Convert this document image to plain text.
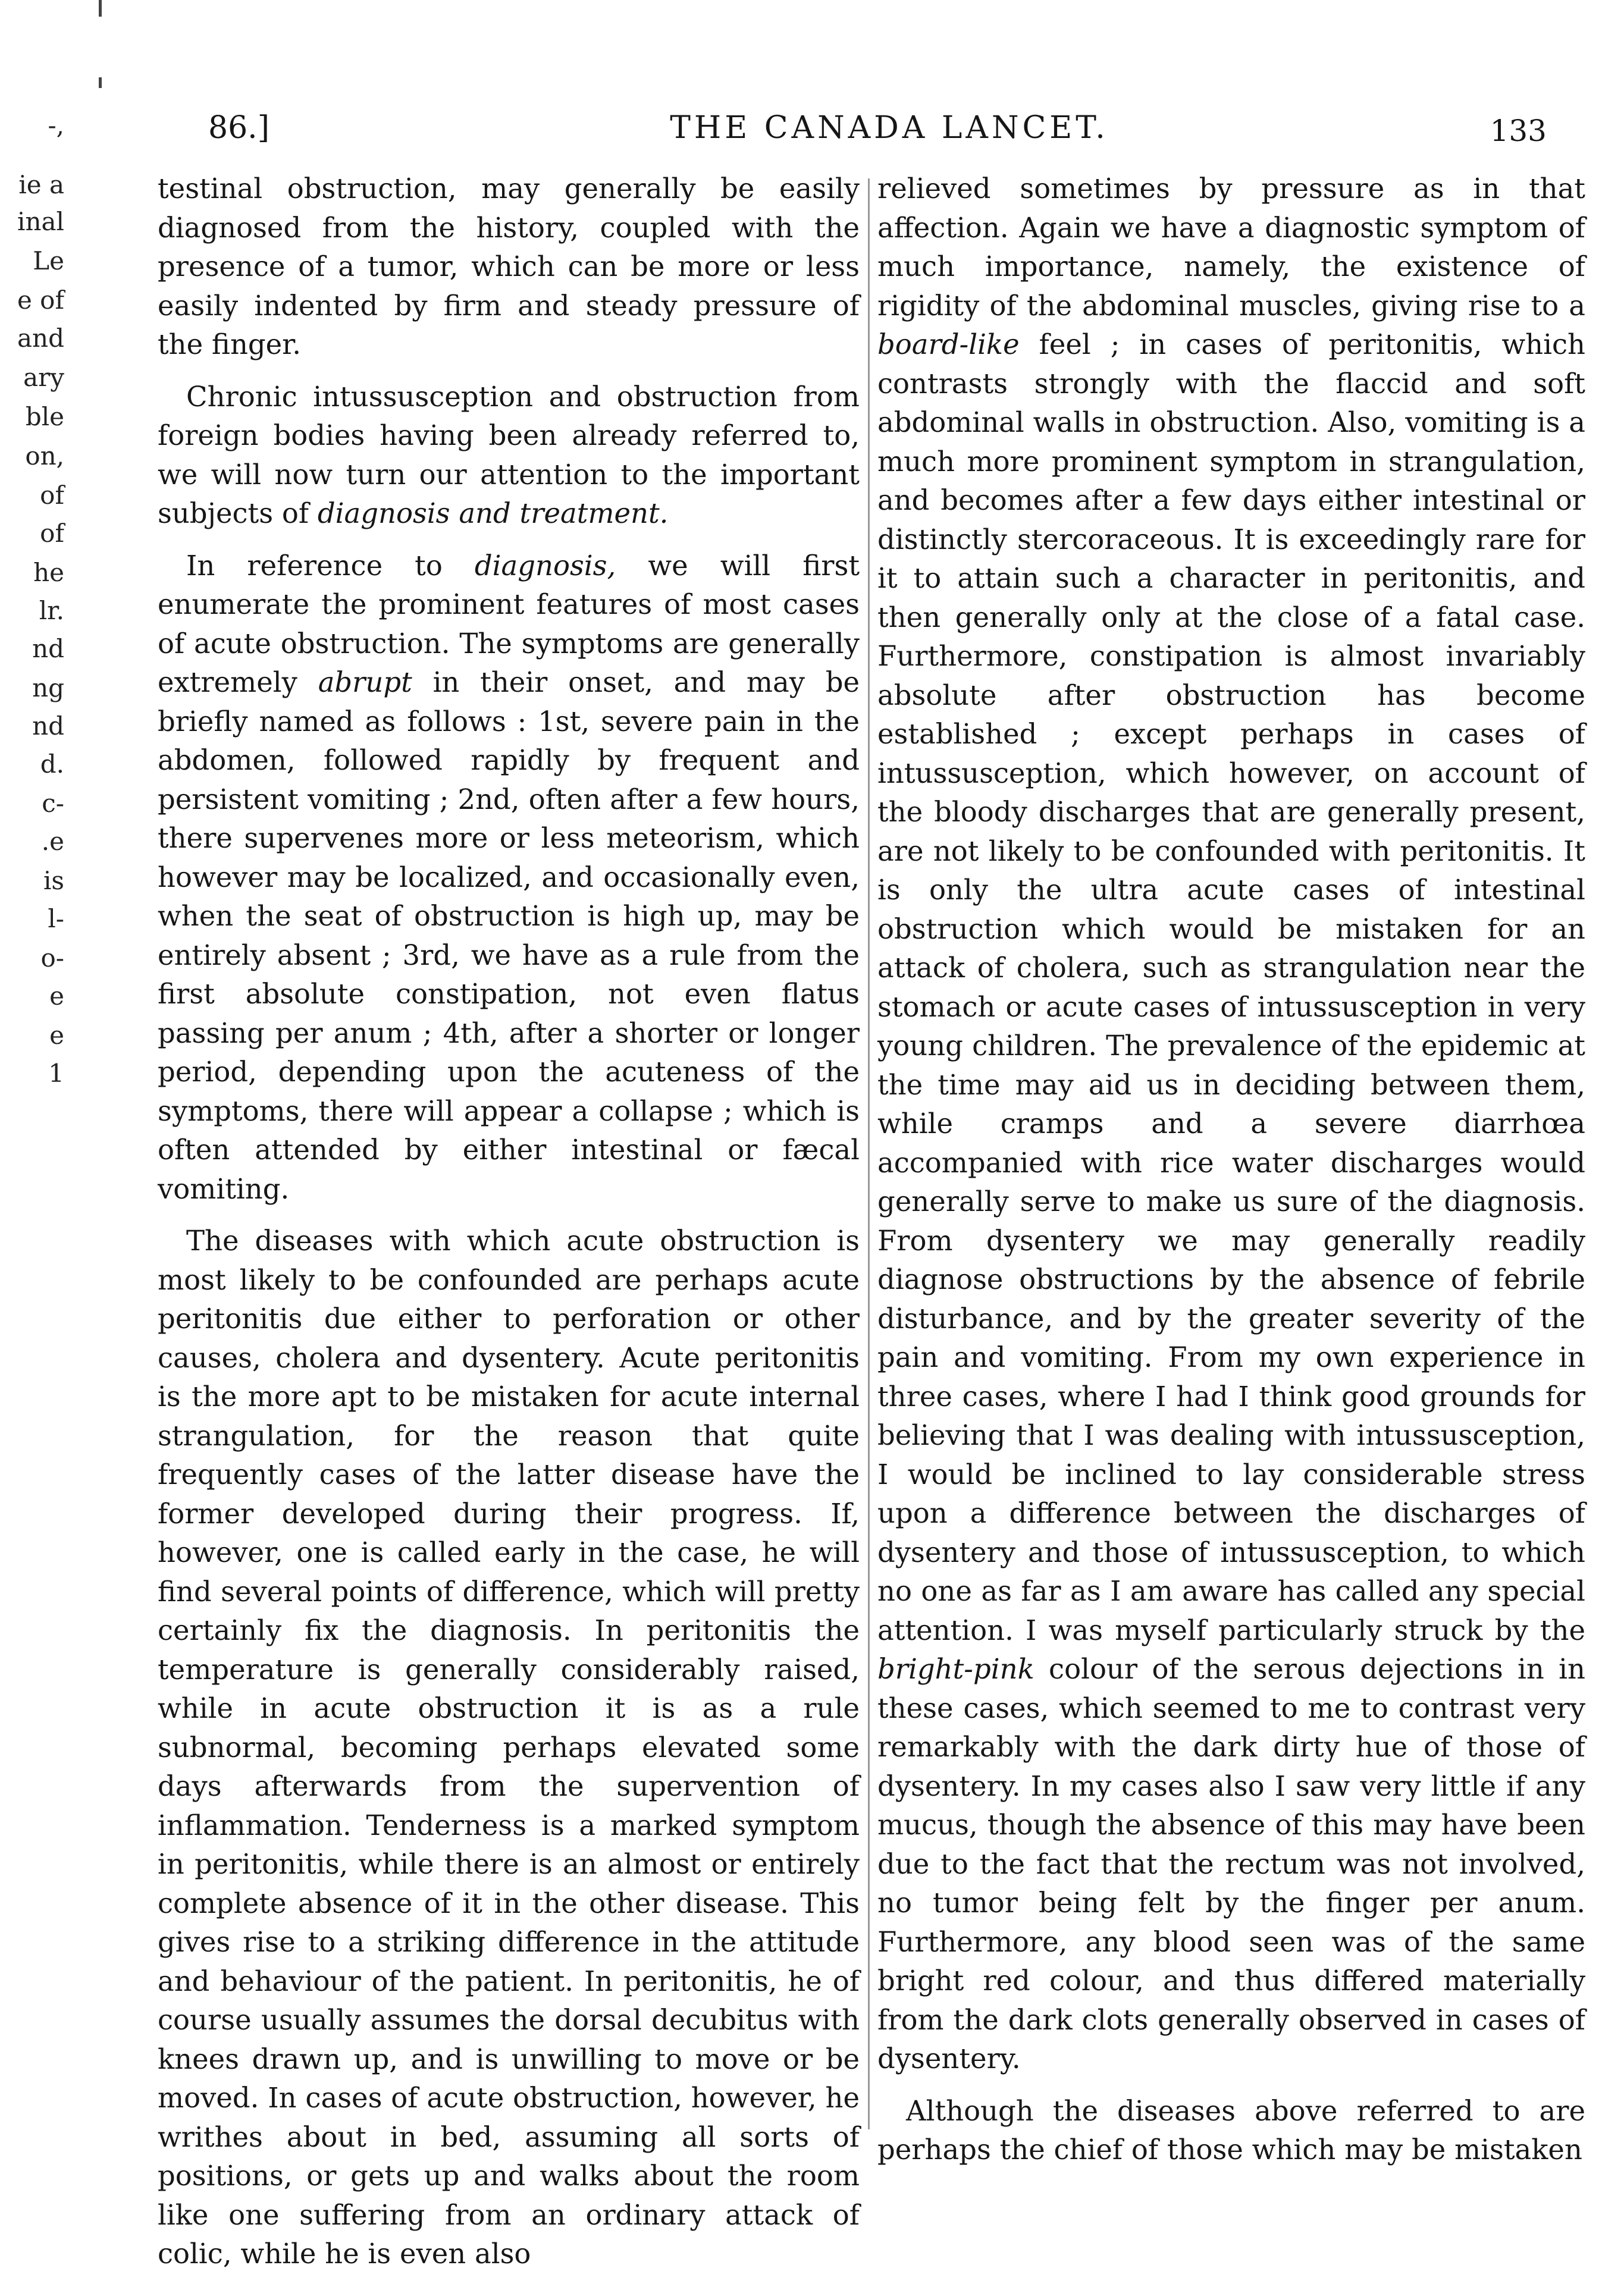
-,
ie a
inal
Le
e of
and
ary
ble
on,
of
of
he
lr.
nd
ng
nd
d.
c-
.e
is
l-
o-
e
e
1
86.]	THE CANADA LANCET.	133

testinal obstruction, may generally be easily diagnosed from the history, coupled with the presence of a tumor, which can be more or less easily indented by firm and steady pressure of the finger.

Chronic intussusception and obstruction from foreign bodies having been already referred to, we will now turn our attention to the important subjects of diagnosis and treatment.

In reference to diagnosis, we will first enumerate the prominent features of most cases of acute obstruction. The symptoms are generally extremely abrupt in their onset, and may be briefly named as follows : 1st, severe pain in the abdomen, followed rapidly by frequent and persistent vomiting ; 2nd, often after a few hours, there supervenes more or less meteorism, which however may be localized, and occasionally even, when the seat of obstruction is high up, may be entirely absent ; 3rd, we have as a rule from the first absolute constipation, not even flatus passing per anum ; 4th, after a shorter or longer period, depending upon the acuteness of the symptoms, there will appear a collapse ; which is often attended by either intestinal or fæcal vomiting.

The diseases with which acute obstruction is most likely to be confounded are perhaps acute peritonitis due either to perforation or other causes, cholera and dysentery. Acute peritonitis is the more apt to be mistaken for acute internal strangulation, for the reason that quite frequently cases of the latter disease have the former developed during their progress. If, however, one is called early in the case, he will find several points of difference, which will pretty certainly fix the diagnosis. In peritonitis the temperature is generally considerably raised, while in acute obstruction it is as a rule subnormal, becoming perhaps elevated some days afterwards from the supervention of inflammation. Tenderness is a marked symptom in peritonitis, while there is an almost or entirely complete absence of it in the other disease. This gives rise to a striking difference in the attitude and behaviour of the patient. In peritonitis, he of course usually assumes the dorsal decubitus with knees drawn up, and is unwilling to move or be moved. In cases of acute obstruction, however, he writhes about in bed, assuming all sorts of positions, or gets up and walks about the room like one suffering from an ordinary attack of colic, while he is even also

relieved sometimes by pressure as in that affection. Again we have a diagnostic symptom of much importance, namely, the existence of rigidity of the abdominal muscles, giving rise to a board-like feel ; in cases of peritonitis, which contrasts strongly with the flaccid and soft abdominal walls in obstruction. Also, vomiting is a much more prominent symptom in strangulation, and becomes after a few days either intestinal or distinctly stercoraceous. It is exceedingly rare for it to attain such a character in peritonitis, and then generally only at the close of a fatal case. Furthermore, constipation is almost invariably absolute after obstruction has become established ; except perhaps in cases of intussusception, which however, on account of the bloody discharges that are generally present, are not likely to be confounded with peritonitis. It is only the ultra acute cases of intestinal obstruction which would be mistaken for an attack of cholera, such as strangulation near the stomach or acute cases of intussusception in very young children. The prevalence of the epidemic at the time may aid us in deciding between them, while cramps and a severe diarrhœa accompanied with rice water discharges would generally serve to make us sure of the diagnosis. From dysentery we may generally readily diagnose obstructions by the absence of febrile disturbance, and by the greater severity of the pain and vomiting. From my own experience in three cases, where I had I think good grounds for believing that I was dealing with intussusception, I would be inclined to lay considerable stress upon a difference between the discharges of dysentery and those of intussusception, to which no one as far as I am aware has called any special attention. I was myself particularly struck by the bright-pink colour of the serous dejections in in these cases, which seemed to me to contrast very remarkably with the dark dirty hue of those of dysentery. In my cases also I saw very little if any mucus, though the absence of this may have been due to the fact that the rectum was not involved, no tumor being felt by the finger per anum. Furthermore, any blood seen was of the same bright red colour, and thus differed materially from the dark clots generally observed in cases of dysentery.

Although the diseases above referred to are perhaps the chief of those which may be mistaken
